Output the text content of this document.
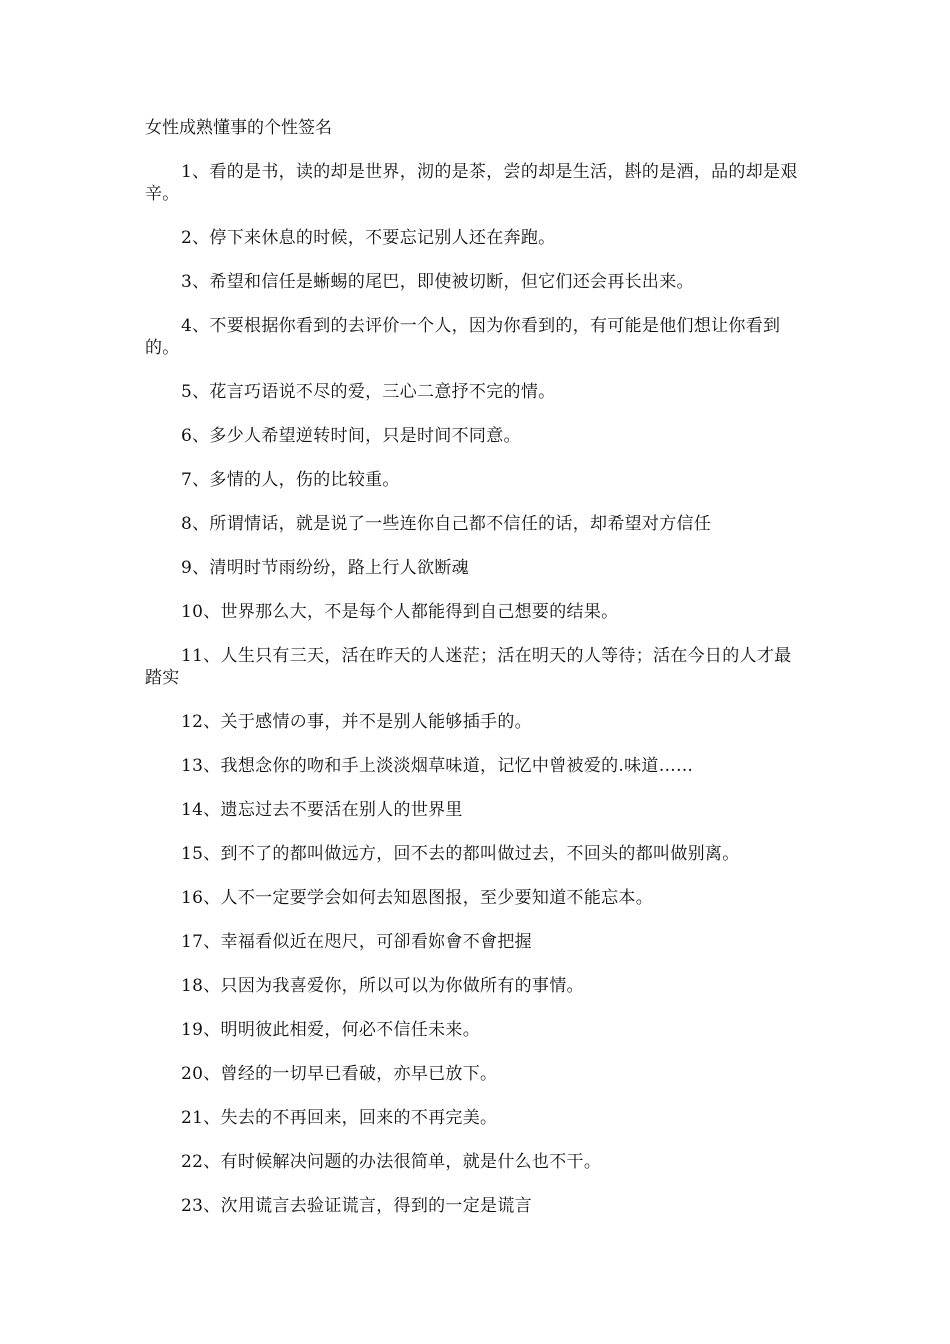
女性成熟懂事的个性签名

1、看的是书，读的却是世界，沏的是茶，尝的却是生活，斟的是酒，品的却是艰辛。

2、停下来休息的时候，不要忘记别人还在奔跑。

3、希望和信任是蜥蜴的尾巴，即使被切断，但它们还会再长出来。

4、不要根据你看到的去评价一个人，因为你看到的，有可能是他们想让你看到的。

5、花言巧语说不尽的爱，三心二意抒不完的情。

6、多少人希望逆转时间，只是时间不同意。

7、多情的人，伤的比较重。

8、所谓情话，就是说了一些连你自己都不信任的话，却希望对方信任

9、清明时节雨纷纷，路上行人欲断魂

10、世界那么大，不是每个人都能得到自己想要的结果。

11、人生只有三天，活在昨天的人迷茫；活在明天的人等待；活在今日的人才最踏实

12、关于感情の事，并不是别人能够插手的。

13、我想念你的吻和手上淡淡烟草味道，记忆中曾被爱的.味道……

14、遗忘过去不要活在别人的世界里

15、到不了的都叫做远方，回不去的都叫做过去，不回头的都叫做别离。

16、人不一定要学会如何去知恩图报，至少要知道不能忘本。

17、幸福看似近在咫尺，可卻看妳會不會把握

18、只因为我喜爱你，所以可以为你做所有的事情。

19、明明彼此相爱，何必不信任未来。

20、曾经的一切早已看破，亦早已放下。

21、失去的不再回来，回来的不再完美。

22、有时候解决问题的办法很简单，就是什么也不干。

23、㳄用谎言去验证谎言，得到的一定是谎言
